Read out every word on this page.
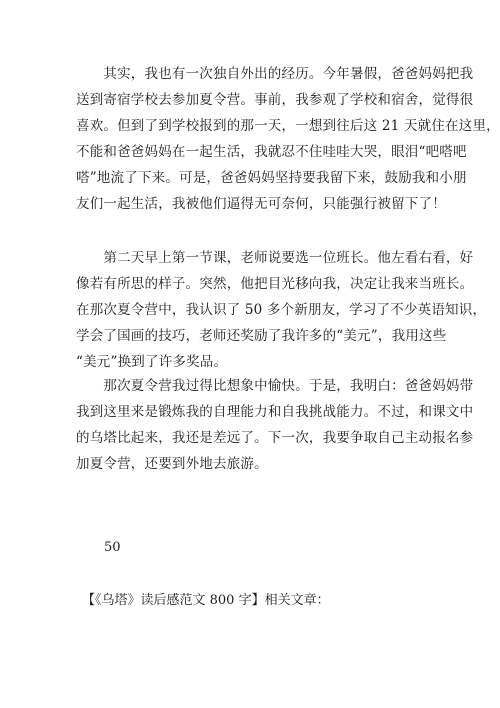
　　其实，我也有一次独自外出的经历。今年暑假，爸爸妈妈把我
送到寄宿学校去参加夏令营。事前，我参观了学校和宿舍，觉得很
喜欢。但到了到学校报到的那一天，一想到往后这 21 天就住在这里，
不能和爸爸妈妈在一起生活，我就忍不住哇哇大哭，眼泪“吧嗒吧
嗒”地流了下来。可是，爸爸妈妈坚持要我留下来，鼓励我和小朋
友们一起生活，我被他们逼得无可奈何，只能强行被留下了！
　　第二天早上第一节课，老师说要选一位班长。他左看右看，好
像若有所思的样子。突然，他把目光移向我，决定让我来当班长。
在那次夏令营中，我认识了 50 多个新朋友，学习了不少英语知识，
学会了国画的技巧，老师还奖励了我许多的“美元”，我用这些
“美元”换到了许多奖品。
　　那次夏令营我过得比想象中愉快。于是，我明白：爸爸妈妈带
我到这里来是锻炼我的自理能力和自我挑战能力。不过，和课文中
的乌塔比起来，我还是差远了。下一次，我要争取自己主动报名参
加夏令营，还要到外地去旅游。
50
【《乌塔》读后感范文 800 字】相关文章：
